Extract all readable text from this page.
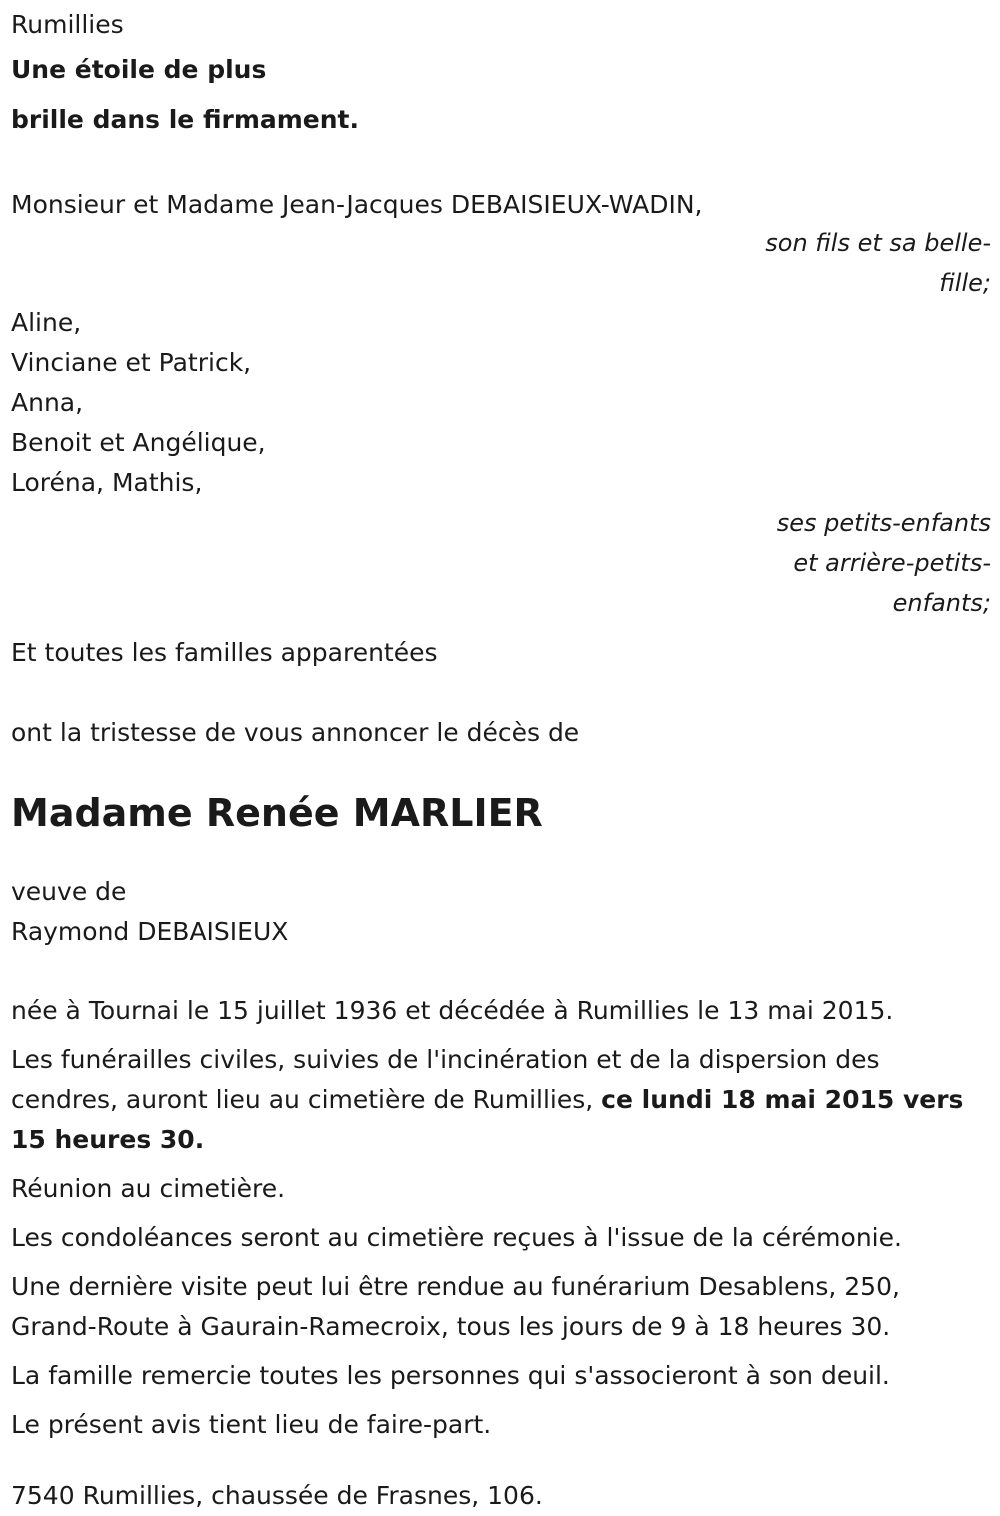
Rumillies

Une étoile de plus

brille dans le firmament.

Monsieur et Madame Jean-Jacques DEBAISIEUX-WADIN,

son fils et sa belle-fille;

Aline,

Vinciane et Patrick,

Anna,

Benoit et Angélique,

Loréna, Mathis,

ses petits-enfants et arrière-petits-enfants;

Et toutes les familles apparentées

ont la tristesse de vous annoncer le décès de

Madame Renée MARLIER

veuve de

Raymond DEBAISIEUX

née à Tournai le 15 juillet 1936 et décédée à Rumillies le 13 mai 2015.

Les funérailles civiles, suivies de l'incinération et de la dispersion des cendres, auront lieu au cimetière de Rumillies, ce lundi 18 mai 2015 vers 15 heures 30.

Réunion au cimetière.

Les condoléances seront au cimetière reçues à l'issue de la cérémonie.

Une dernière visite peut lui être rendue au funérarium Desablens, 250, Grand-Route à Gaurain-Ramecroix, tous les jours de 9 à 18 heures 30.

La famille remercie toutes les personnes qui s'associeront à son deuil.

Le présent avis tient lieu de faire-part.

7540 Rumillies, chaussée de Frasnes, 106.
